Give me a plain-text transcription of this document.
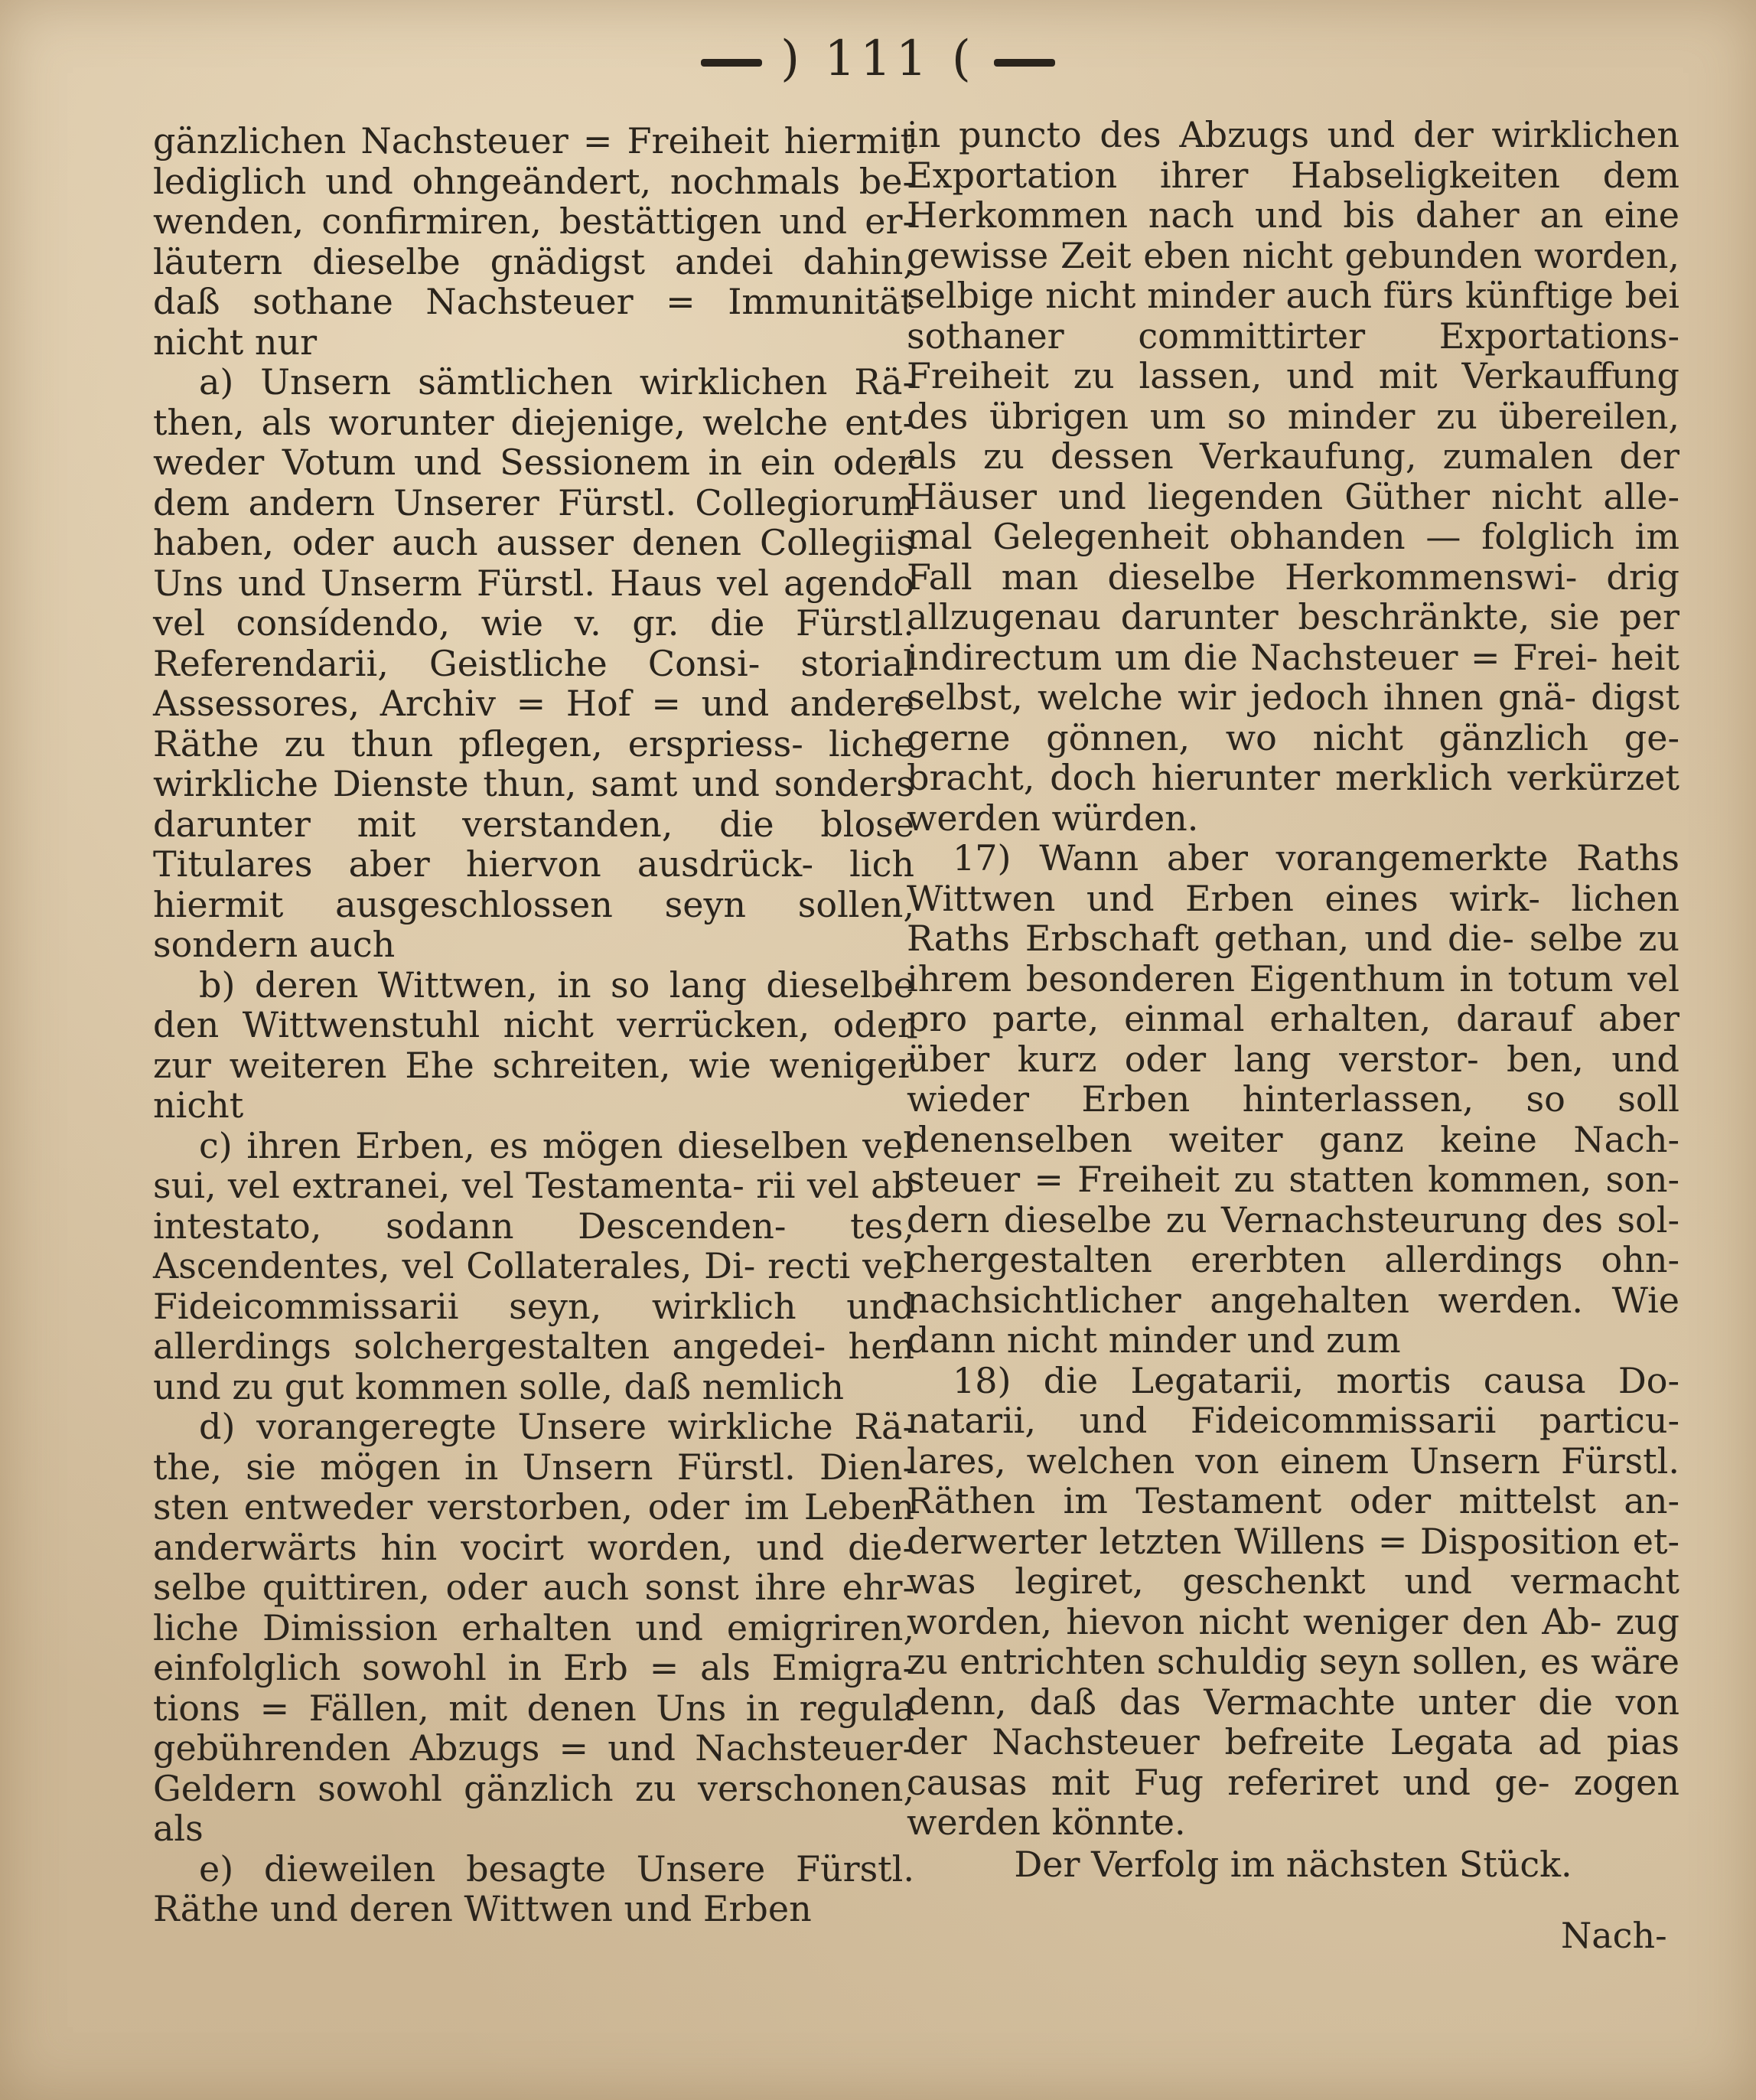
) 111 (

gänzlichen Nachsteuer = Freiheit hiermit lediglich und ohngeändert, nochmals be- wenden, confirmiren, bestättigen und er- läutern dieselbe gnädigst andei dahin, daß sothane Nachsteuer = Immunität nicht nur

a) Unsern sämtlichen wirklichen Rä- then, als worunter diejenige, welche ent- weder Votum und Sessionem in ein oder dem andern Unserer Fürstl. Collegiorum haben, oder auch ausser denen Collegiis Uns und Unserm Fürstl. Haus vel agendo vel consídendo, wie v. gr. die Fürstl. Referendarii, Geistliche Consi- storial Assessores, Archiv = Hof = und andere Räthe zu thun pflegen, erspriess- liche wirkliche Dienste thun, samt und sonders darunter mit verstanden, die blose Titulares aber hiervon ausdrück- lich hiermit ausgeschlossen seyn sollen, sondern auch

b) deren Wittwen, in so lang dieselbe den Wittwenstuhl nicht verrücken, oder zur weiteren Ehe schreiten, wie weniger nicht

c) ihren Erben, es mögen dieselben vel sui, vel extranei, vel Testamenta- rii vel ab intestato, sodann Descenden- tes, Ascendentes, vel Collaterales, Di- recti vel Fideicommissarii seyn, wirklich und allerdings solchergestalten angedei- hen und zu gut kommen solle, daß nemlich

d) vorangeregte Unsere wirkliche Rä- the, sie mögen in Unsern Fürstl. Dien- sten entweder verstorben, oder im Leben anderwärts hin vocirt worden, und die- selbe quittiren, oder auch sonst ihre ehr- liche Dimission erhalten und emigriren, einfolglich sowohl in Erb = als Emigra- tions = Fällen, mit denen Uns in regula gebührenden Abzugs = und Nachsteuer- Geldern sowohl gänzlich zu verschonen, als

e) dieweilen besagte Unsere Fürstl. Räthe und deren Wittwen und Erben

in puncto des Abzugs und der wirklichen Exportation ihrer Habseligkeiten dem Herkommen nach und bis daher an eine gewisse Zeit eben nicht gebunden worden, selbige nicht minder auch fürs künftige bei sothaner committirter Exportations- Freiheit zu lassen, und mit Verkauffung des übrigen um so minder zu übereilen, als zu dessen Verkaufung, zumalen der Häuser und liegenden Güther nicht alle- mal Gelegenheit obhanden — folglich im Fall man dieselbe Herkommenswi- drig allzugenau darunter beschränkte, sie per indirectum um die Nachsteuer = Frei- heit selbst, welche wir jedoch ihnen gnä- digst gerne gönnen, wo nicht gänzlich ge- bracht, doch hierunter merklich verkürzet werden würden.

17) Wann aber vorangemerkte Raths Wittwen und Erben eines wirk- lichen Raths Erbschaft gethan, und die- selbe zu ihrem besonderen Eigenthum in totum vel pro parte, einmal erhalten, darauf aber über kurz oder lang verstor- ben, und wieder Erben hinterlassen, so soll denenselben weiter ganz keine Nach- steuer = Freiheit zu statten kommen, son- dern dieselbe zu Vernachsteurung des sol- chergestalten ererbten allerdings ohn- nachsichtlicher angehalten werden. Wie dann nicht minder und zum

18) die Legatarii, mortis causa Do- natarii, und Fideicommissarii particu- lares, welchen von einem Unsern Fürstl. Räthen im Testament oder mittelst an- derwerter letzten Willens = Disposition et- was legiret, geschenkt und vermacht worden, hievon nicht weniger den Ab- zug zu entrichten schuldig seyn sollen, es wäre denn, daß das Vermachte unter die von der Nachsteuer befreite Legata ad pias causas mit Fug referiret und ge- zogen werden könnte.

Der Verfolg im nächsten Stück.

Nach-
